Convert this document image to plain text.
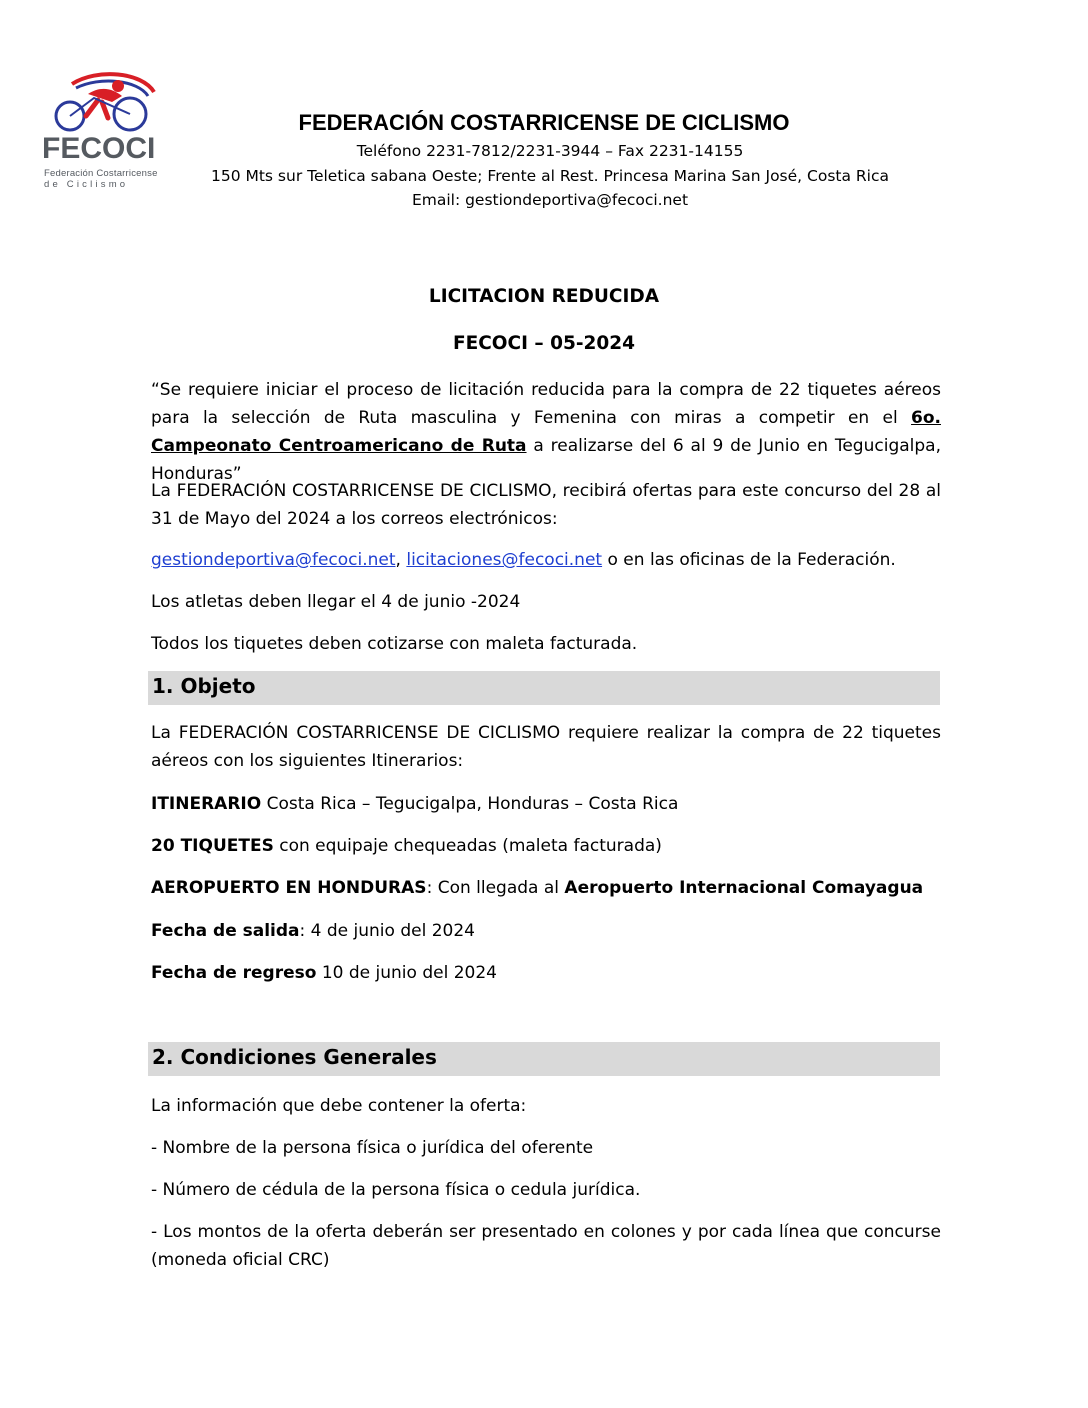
FECOCI
Federación Costarricense
de Ciclismo
FEDERACIÓN COSTARRICENSE DE CICLISMO
Teléfono 2231-7812/2231-3944 – Fax 2231-14155
150 Mts sur Teletica sabana Oeste; Frente al Rest. Princesa Marina San José, Costa Rica
Email: gestiondeportiva@fecoci.net
LICITACION REDUCIDA
FECOCI – 05-2024
“Se requiere iniciar el proceso de licitación reducida para la compra de 22 tiquetes aéreos para la selección de Ruta masculina y Femenina con miras a competir en el 6o. Campeonato Centroamericano de Ruta a realizarse del 6 al 9 de Junio en Tegucigalpa, Honduras”
La FEDERACIÓN COSTARRICENSE DE CICLISMO, recibirá ofertas para este concurso del 28 al 31 de Mayo del 2024 a los correos electrónicos:
gestiondeportiva@fecoci.net, licitaciones@fecoci.net o en las oficinas de la Federación.
Los atletas deben llegar el 4 de junio -2024
Todos los tiquetes deben cotizarse con maleta facturada.
1. Objeto
La FEDERACIÓN COSTARRICENSE DE CICLISMO requiere realizar la compra de 22 tiquetes aéreos con los siguientes Itinerarios:
ITINERARIO Costa Rica – Tegucigalpa, Honduras – Costa Rica
20 TIQUETES con equipaje chequeadas (maleta facturada)
AEROPUERTO EN HONDURAS: Con llegada al Aeropuerto Internacional Comayagua
Fecha de salida: 4 de junio del 2024
Fecha de regreso 10 de junio del 2024
2. Condiciones Generales
La información que debe contener la oferta:
- Nombre de la persona física o jurídica del oferente
- Número de cédula de la persona física o cedula jurídica.
- Los montos de la oferta deberán ser presentado en colones y por cada línea que concurse (moneda oficial CRC)
